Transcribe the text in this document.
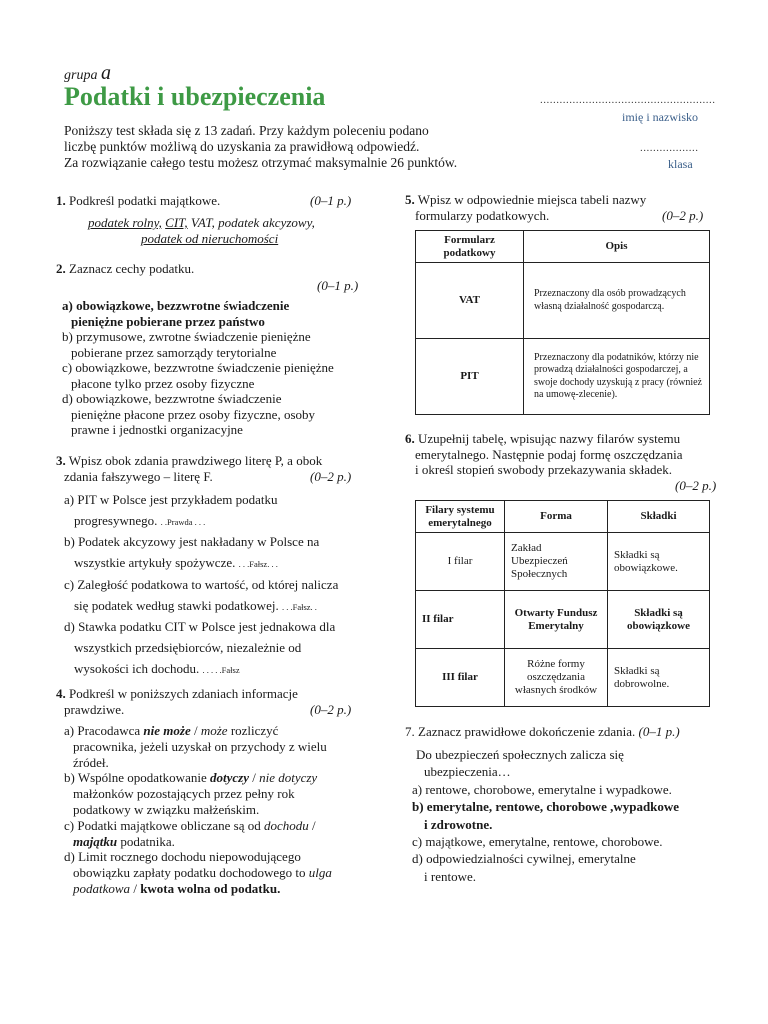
grupa a
Podatki i ubezpieczenia	......................................................
imię i nazwisko
..................
klasa
Poniższy test składa się z 13 zadań. Przy każdym poleceniu podano
liczbę punktów możliwą do uzyskania za prawidłową odpowiedź.
Za rozwiązanie całego testu możesz otrzymać maksymalnie 26 punktów.
1. Podkreśl podatki majątkowe.	(0–1 p.)
podatek rolny, CIT, VAT, podatek akcyzowy,
podatek od nieruchomości
2. Zaznacz cechy podatku.
(0–1 p.)
a) obowiązkowe, bezzwrotne świadczenie
pieniężne pobierane przez państwo
b) przymusowe, zwrotne świadczenie pieniężne
pobierane przez samorządy terytorialne
c) obowiązkowe, bezzwrotne świadczenie pieniężne
płacone tylko przez osoby fizyczne
d) obowiązkowe, bezzwrotne świadczenie
pieniężne płacone przez osoby fizyczne, osoby
prawne i jednostki organizacyjne
3. Wpisz obok zdania prawdziwego literę P, a obok
zdania fałszywego – literę F.	(0–2 p.)
a) PIT w Polsce jest przykładem podatku
progresywnego. . .Prawda . . .
b) Podatek akcyzowy jest nakładany w Polsce na
wszystkie artykuły spożywcze. . . .Fałsz. . .
c) Zaległość podatkowa to wartość, od której nalicza
się podatek według stawki podatkowej. . . .Fałsz. .
d) Stawka podatku CIT w Polsce jest jednakowa dla
wszystkich przedsiębiorców, niezależnie od
wysokości ich dochodu. . . . . .Fałsz
4. Podkreśl w poniższych zdaniach informacje
prawdziwe.	(0–2 p.)
a) Pracodawca nie może / może rozliczyć
pracownika, jeżeli uzyskał on przychody z wielu
źródeł.
b) Wspólne opodatkowanie dotyczy / nie dotyczy
małżonków pozostających przez pełny rok
podatkowy w związku małżeńskim.
c) Podatki majątkowe obliczane są od dochodu /
majątku podatnika.
d) Limit rocznego dochodu niepowodującego
obowiązku zapłaty podatku dochodowego to ulga
podatkowa / kwota wolna od podatku.
5. Wpisz w odpowiednie miejsca tabeli nazwy
formularzy podatkowych.	(0–2 p.)
Formularz podatkowy	Opis
VAT	Przeznaczony dla osób prowadzących własną działalność gospodarczą.
PIT	Przeznaczony dla podatników, którzy nie prowadzą działalności gospodarczej, a swoje dochody uzyskują z pracy (również na umowę-zlecenie).
6. Uzupełnij tabelę, wpisując nazwy filarów systemu
emerytalnego. Następnie podaj formę oszczędzania
i określ stopień swobody przekazywania składek.
(0–2 p.)
Filary systemu emerytalnego	Forma	Składki
I filar	Zakład Ubezpieczeń Społecznych	Składki są obowiązkowe.
II filar	Otwarty Fundusz Emerytalny	Składki są obowiązkowe
III filar	Różne formy oszczędzania własnych środków	Składki są dobrowolne.
7. Zaznacz prawidłowe dokończenie zdania. (0–1 p.)
Do ubezpieczeń społecznych zalicza się
ubezpieczenia…
a) rentowe, chorobowe, emerytalne i wypadkowe.
b) emerytalne, rentowe, chorobowe ,wypadkowe
i zdrowotne.
c) majątkowe, emerytalne, rentowe, chorobowe.
d) odpowiedzialności cywilnej, emerytalne
i rentowe.
